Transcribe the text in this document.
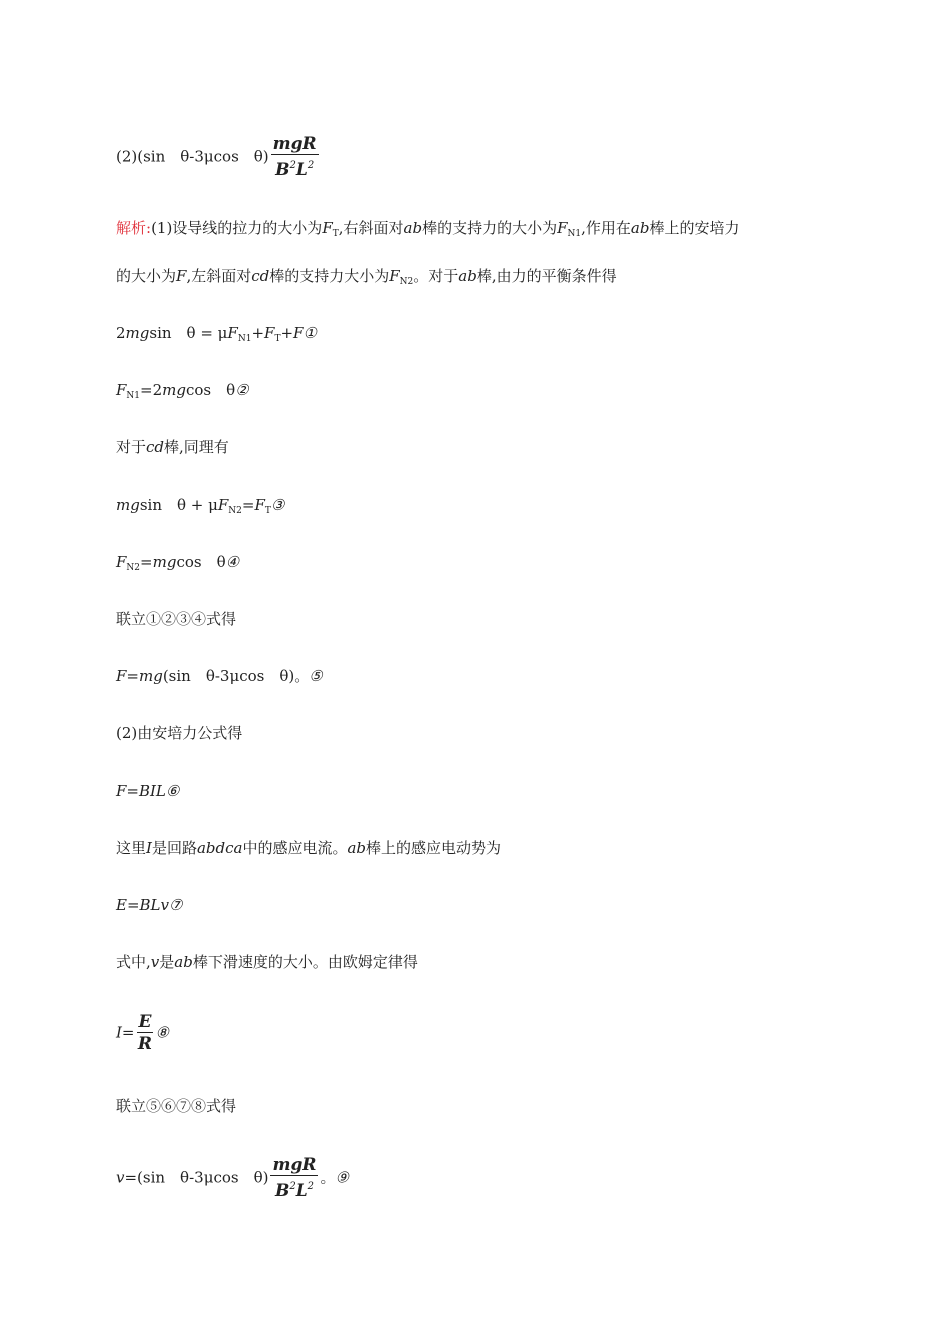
(2)(sin θ-3μcos $\theta) \frac{\text{mgR}}{B^2L^2}$
解析:(1)设导线的拉力的大小为$F_T$,右斜面对ab棒的支持力的大小为$F_{N1}$,作用在ab棒上的安培力
的大小为F,左斜面对cd棒的支持力大小为$F_{N2}$。对于ab棒,由力的平衡条件得
2mgsin $\theta = \mu F_{N1}+F_T+F①$
$F_{N1}=2mgcos$ θ②
对于cd棒,同理有
mgsin $\theta + \mu F_{N2}=F_T③$
$F_{N2}=mgcos$ θ④
联立①②③④式得
F=mg(sin θ-3μcos θ)。⑤
(2)由安培力公式得
F=BIL⑥
这里I是回路abdca中的感应电流。ab棒上的感应电动势为
E=BLv⑦
式中,v是ab棒下滑速度的大小。由欧姆定律得
$I= \frac{E}{R}$ ⑧
联立⑤⑥⑦⑧式得
v=(sin θ-3μcos $\theta) \frac{\text{mgR}}{B^2L^2}$ 。⑨
